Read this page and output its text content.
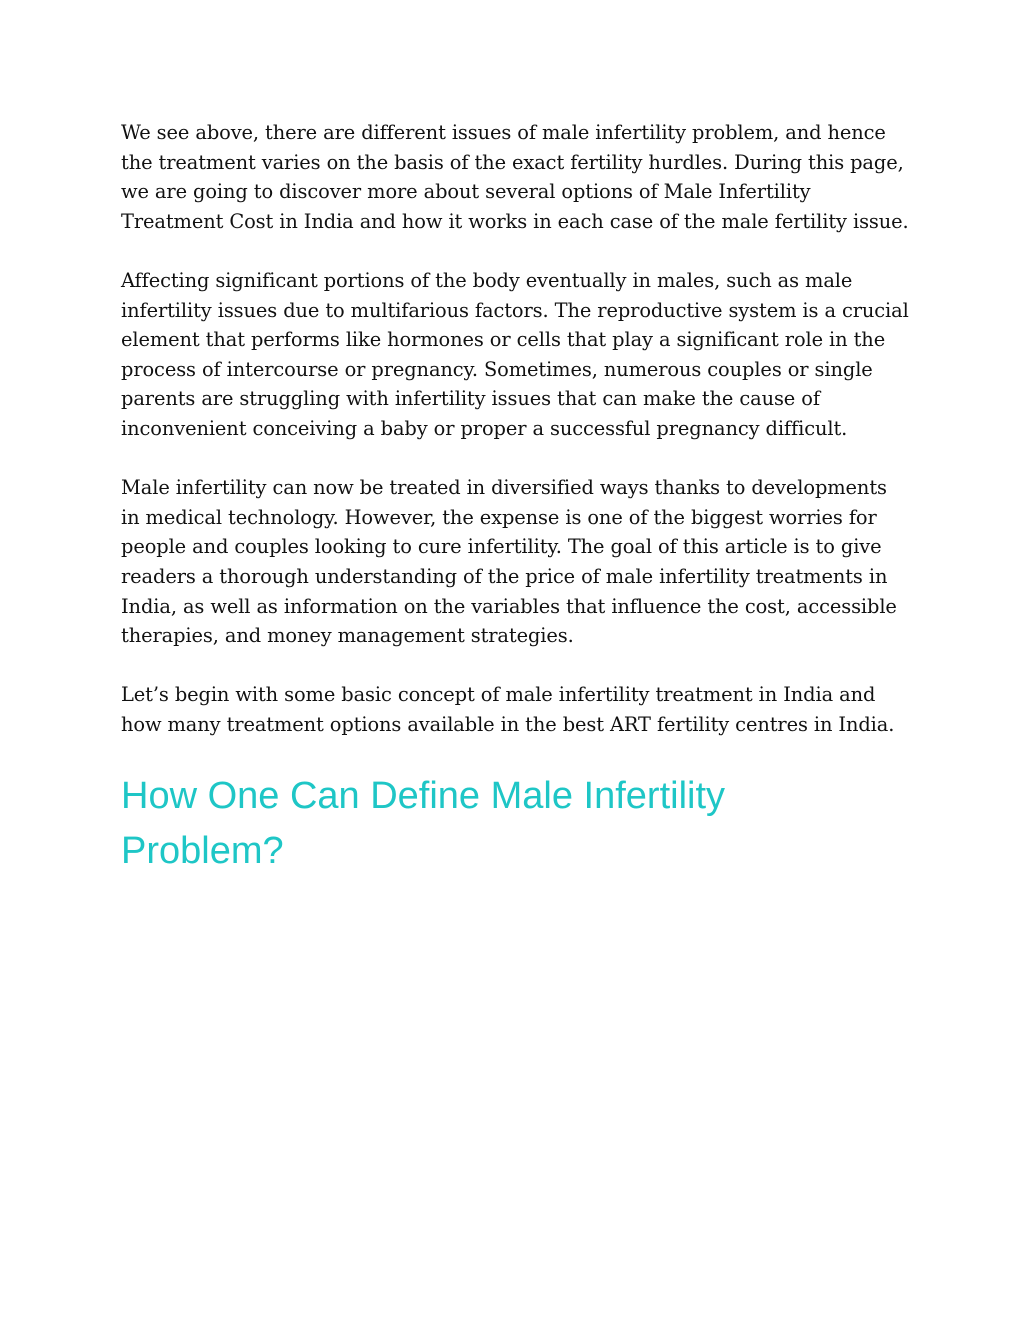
We see above, there are different issues of male infertility problem, and hence the treatment varies on the basis of the exact fertility hurdles. During this page, we are going to discover more about several options of Male Infertility Treatment Cost in India and how it works in each case of the male fertility issue.

Affecting significant portions of the body eventually in males, such as male infertility issues due to multifarious factors. The reproductive system is a crucial element that performs like hormones or cells that play a significant role in the process of intercourse or pregnancy. Sometimes, numerous couples or single parents are struggling with infertility issues that can make the cause of inconvenient conceiving a baby or proper a successful pregnancy difficult.

Male infertility can now be treated in diversified ways thanks to developments in medical technology. However, the expense is one of the biggest worries for people and couples looking to cure infertility. The goal of this article is to give readers a thorough understanding of the price of male infertility treatments in India, as well as information on the variables that influence the cost, accessible therapies, and money management strategies.

Let’s begin with some basic concept of male infertility treatment in India and how many treatment options available in the best ART fertility centres in India.

How One Can Define Male Infertility Problem?
